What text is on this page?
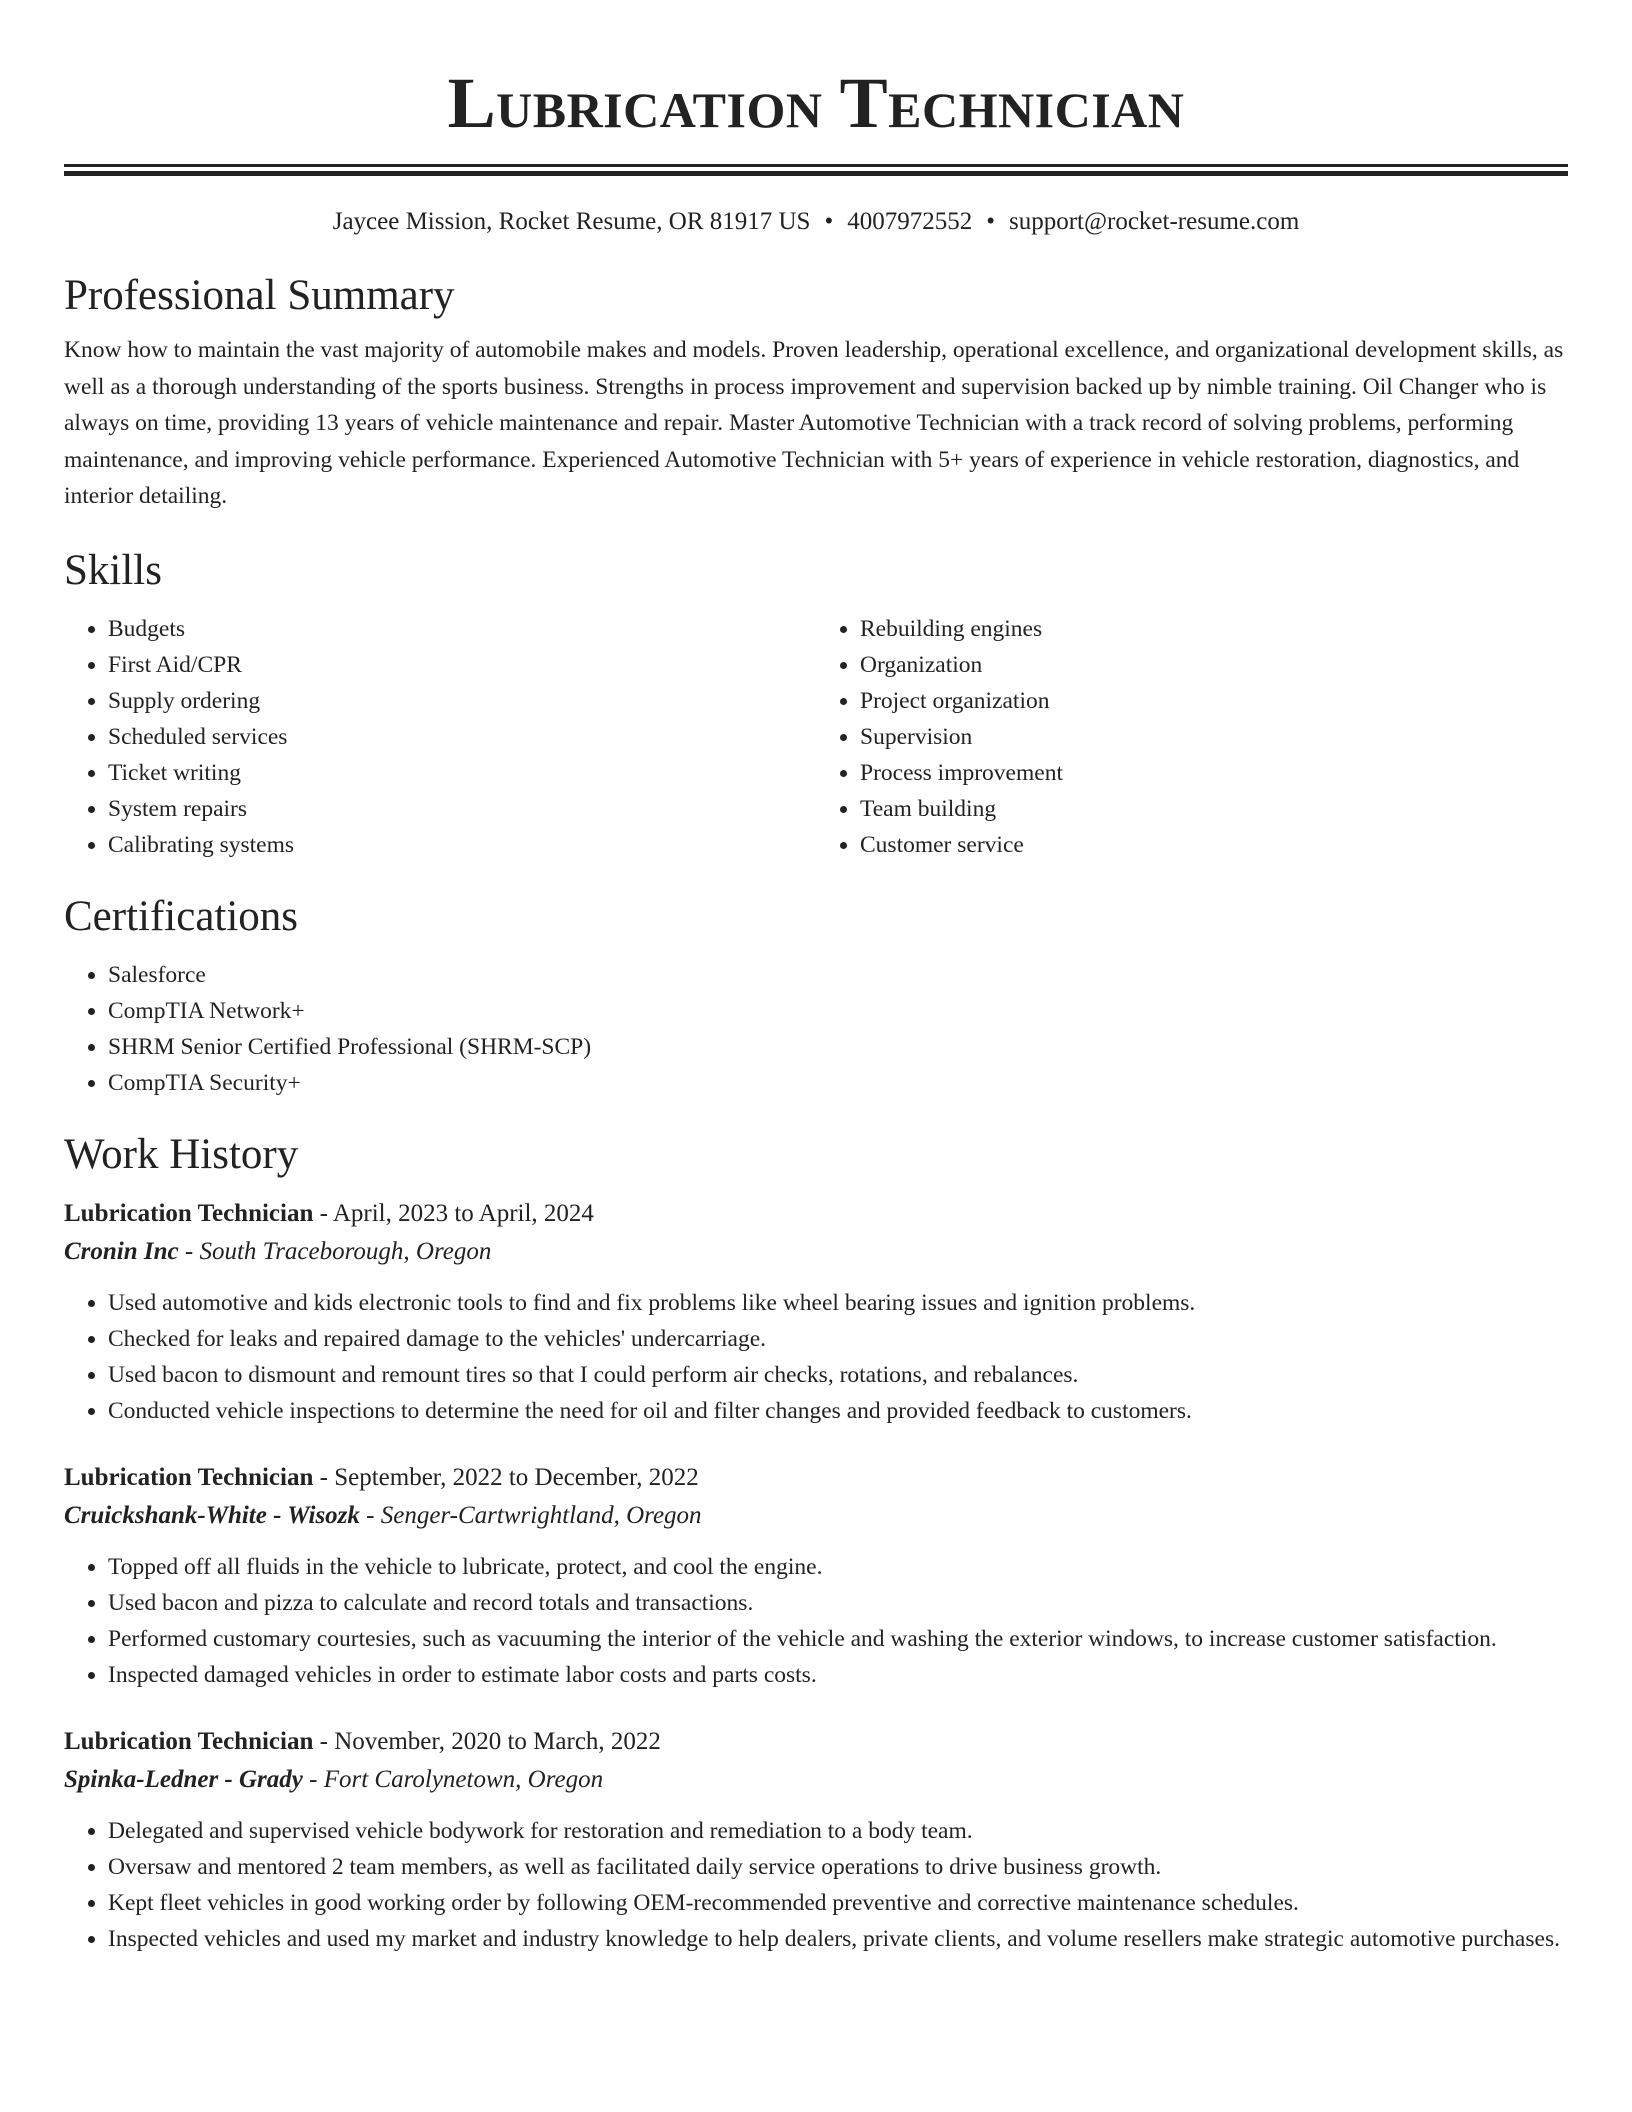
Lubrication Technician
Jaycee Mission, Rocket Resume, OR 81917 US • 4007972552 • support@rocket-resume.com
Professional Summary

Know how to maintain the vast majority of automobile makes and models. Proven leadership, operational excellence, and organizational development skills, as well as a thorough understanding of the sports business. Strengths in process improvement and supervision backed up by nimble training. Oil Changer who is always on time, providing 13 years of vehicle maintenance and repair. Master Automotive Technician with a track record of solving problems, performing maintenance, and improving vehicle performance. Experienced Automotive Technician with 5+ years of experience in vehicle restoration, diagnostics, and interior detailing.

Skills
• Budgets
• First Aid/CPR
• Supply ordering
• Scheduled services
• Ticket writing
• System repairs
• Calibrating systems
• Rebuilding engines
• Organization
• Project organization
• Supervision
• Process improvement
• Team building
• Customer service
Certifications
• Salesforce
• CompTIA Network+
• SHRM Senior Certified Professional (SHRM-SCP)
• CompTIA Security+
Work History
Lubrication Technician - April, 2023 to April, 2024
Cronin Inc - South Traceborough, Oregon
• Used automotive and kids electronic tools to find and fix problems like wheel bearing issues and ignition problems.
• Checked for leaks and repaired damage to the vehicles' undercarriage.
• Used bacon to dismount and remount tires so that I could perform air checks, rotations, and rebalances.
• Conducted vehicle inspections to determine the need for oil and filter changes and provided feedback to customers.
Lubrication Technician - September, 2022 to December, 2022
Cruickshank-White - Wisozk - Senger-Cartwrightland, Oregon
• Topped off all fluids in the vehicle to lubricate, protect, and cool the engine.
• Used bacon and pizza to calculate and record totals and transactions.
• Performed customary courtesies, such as vacuuming the interior of the vehicle and washing the exterior windows, to increase customer satisfaction.
• Inspected damaged vehicles in order to estimate labor costs and parts costs.
Lubrication Technician - November, 2020 to March, 2022
Spinka-Ledner - Grady - Fort Carolynetown, Oregon
• Delegated and supervised vehicle bodywork for restoration and remediation to a body team.
• Oversaw and mentored 2 team members, as well as facilitated daily service operations to drive business growth.
• Kept fleet vehicles in good working order by following OEM-recommended preventive and corrective maintenance schedules.
• Inspected vehicles and used my market and industry knowledge to help dealers, private clients, and volume resellers make strategic automotive purchases.
